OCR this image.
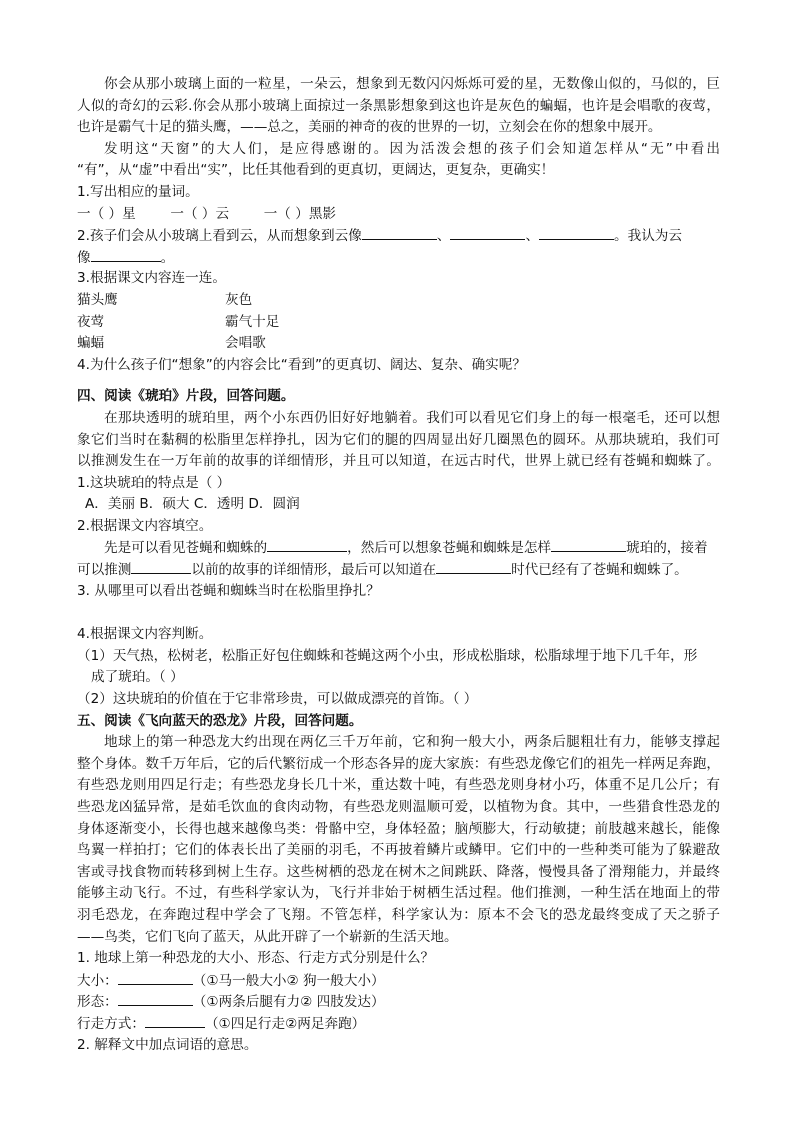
你会从那小玻璃上面的一粒星，一朵云，想象到无数闪闪烁烁可爱的星，无数像山似的，马似的，巨
人似的奇幻的云彩.你会从那小玻璃上面掠过一条黑影想象到这也许是灰色的蝙蝠，也许是会唱歌的夜莺，
也许是霸气十足的猫头鹰，——总之，美丽的神奇的夜的世界的一切，立刻会在你的想象中展开。
发明这“天窗”的大人们，是应得感谢的。因为活泼会想的孩子们会知道怎样从“无”中看出
“有”，从“虚”中看出“实”，比任其他看到的更真切，更阔达，更复杂，更确实！
1.写出相应的量词。
一（ ）星	一（ ）云	一（ ）黑影
2.孩子们会从小玻璃上看到云，从而想象到云像	、	、	。我认为云
像	。
3.根据课文内容连一连。
猫头鹰	灰色
夜莺	霸气十足
蝙蝠	会唱歌
4.为什么孩子们“想象”的内容会比“看到”的更真切、阔达、复杂、确实呢？
四、阅读《琥珀》片段，回答问题。
在那块透明的琥珀里，两个小东西仍旧好好地躺着。我们可以看见它们身上的每一根毫毛，还可以想
象它们当时在黏稠的松脂里怎样挣扎，因为它们的腿的四周显出好几圈黑色的圆环。从那块琥珀，我们可
以推测发生在一万年前的故事的详细情形，并且可以知道，在远古时代，世界上就已经有苍蝇和蜘蛛了。
1.这块琥珀的特点是（ ）
A．美丽 B．硕大 C．透明 D．圆润
2.根据课文内容填空。
先是可以看见苍蝇和蜘蛛的	，然后可以想象苍蝇和蜘蛛是怎样	琥珀的，接着
可以推测	以前的故事的详细情形，最后可以知道在	时代已经有了苍蝇和蜘蛛了。
3. 从哪里可以看出苍蝇和蜘蛛当时在松脂里挣扎？
4.根据课文内容判断。
（1）天气热，松树老，松脂正好包住蜘蛛和苍蝇这两个小虫，形成松脂球，松脂球埋于地下几千年，形
成了琥珀。（ ）
（2）这块琥珀的价值在于它非常珍贵，可以做成漂亮的首饰。（ ）
五、阅读《飞向蓝天的恐龙》片段，回答问题。
地球上的第一种恐龙大约出现在两亿三千万年前，它和狗一般大小，两条后腿粗壮有力，能够支撑起
整个身体。数千万年后，它的后代繁衍成一个形态各异的庞大家族：有些恐龙像它们的祖先一样两足奔跑，
有些恐龙则用四足行走；有些恐龙身长几十米，重达数十吨，有些恐龙则身材小巧，体重不足几公斤；有
些恐龙凶猛异常，是茹毛饮血的食肉动物，有些恐龙则温顺可爱，以植物为食。其中，一些猎食性恐龙的
身体逐渐变小，长得也越来越像鸟类：骨骼中空，身体轻盈；脑颅膨大，行动敏捷；前肢越来越长，能像
鸟翼一样拍打；它们的体表长出了美丽的羽毛，不再披着鳞片或鳞甲。它们中的一些种类可能为了躲避敌
害或寻找食物而转移到树上生存。这些树栖的恐龙在树木之间跳跃、降落，慢慢具备了滑翔能力，并最终
能够主动飞行。不过，有些科学家认为，飞行并非始于树栖生活过程。他们推测，一种生活在地面上的带
羽毛恐龙，在奔跑过程中学会了飞翔。不管怎样，科学家认为：原本不会飞的恐龙最终变成了天之骄子
——鸟类，它们飞向了蓝天，从此开辟了一个崭新的生活天地。
1. 地球上第一种恐龙的大小、形态、行走方式分别是什么？
大小：	（①马一般大小② 狗一般大小）
形态：	（①两条后腿有力② 四肢发达）
行走方式：	（①四足行走②两足奔跑）
2. 解释文中加点词语的意思。
